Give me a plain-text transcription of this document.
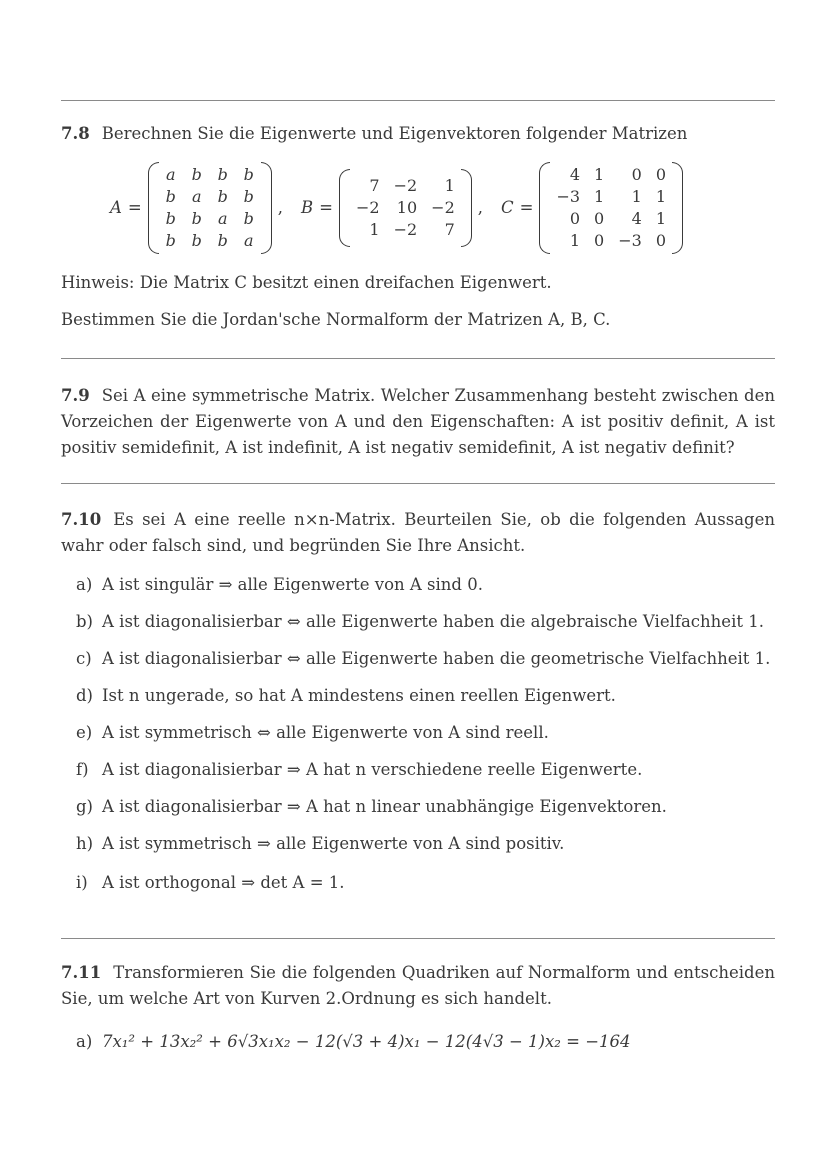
7.8 Berechnen Sie die Eigenwerte und Eigenvektoren folgender Matrizen
A =
a b b b
b a b b
b b a b
b b b a
, B =
7 −2	1
−2 10 −2
1 −2	7
, C =
4 1	0 0
−3 1	1 1
0 0	4 1
1 0 −3 0
Hinweis: Die Matrix C besitzt einen dreifachen Eigenwert.
Bestimmen Sie die Jordan'sche Normalform der Matrizen A, B, C.
7.9 Sei A eine symmetrische Matrix. Welcher Zusammenhang besteht zwischen den Vorzeichen der Eigenwerte von A und den Eigenschaften: A ist positiv definit, A ist positiv semidefinit, A ist indefinit, A ist negativ semidefinit, A ist negativ definit?
7.10 Es sei A eine reelle n×n-Matrix. Beurteilen Sie, ob die folgenden Aussagen wahr oder falsch sind, und begründen Sie Ihre Ansicht.
a) A ist singulär ⇒ alle Eigenwerte von A sind 0.
b) A ist diagonalisierbar ⇔ alle Eigenwerte haben die algebraische Vielfachheit 1.
c) A ist diagonalisierbar ⇔ alle Eigenwerte haben die geometrische Vielfachheit 1.
d) Ist n ungerade, so hat A mindestens einen reellen Eigenwert.
e) A ist symmetrisch ⇔ alle Eigenwerte von A sind reell.
f) A ist diagonalisierbar ⇒ A hat n verschiedene reelle Eigenwerte.
g) A ist diagonalisierbar ⇒ A hat n linear unabhängige Eigenvektoren.
h) A ist symmetrisch ⇒ alle Eigenwerte von A sind positiv.
i) A ist orthogonal ⇒ det A = 1.
7.11 Transformieren Sie die folgenden Quadriken auf Normalform und entscheiden Sie, um welche Art von Kurven 2.Ordnung es sich handelt.
a) 7x₁² + 13x₂² + 6√3x₁x₂ − 12(√3 + 4)x₁ − 12(4√3 − 1)x₂ = −164
